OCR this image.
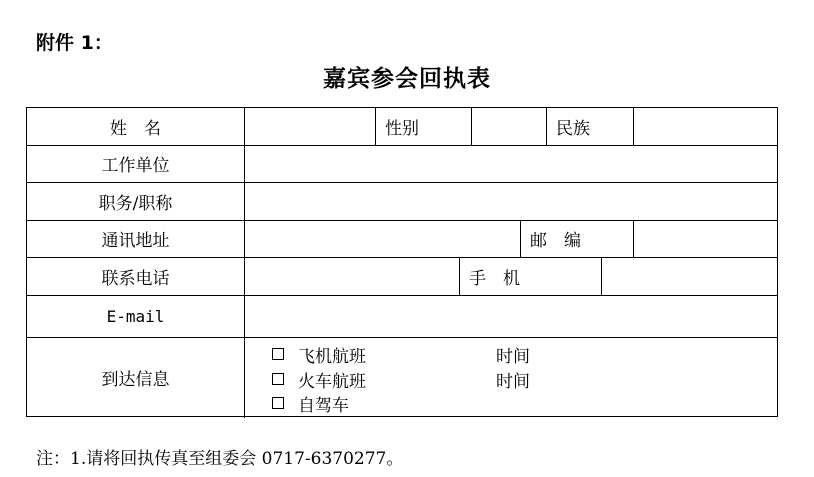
附件 1：
嘉宾参会回执表
姓　名	性别	民族
工作单位
职务/职称
通讯地址	邮　编
联系电话	手　机
E-mail
到达信息
飞机航班	时间
火车航班	时间
自驾车
注：1.请将回执传真至组委会 0717-6370277。
